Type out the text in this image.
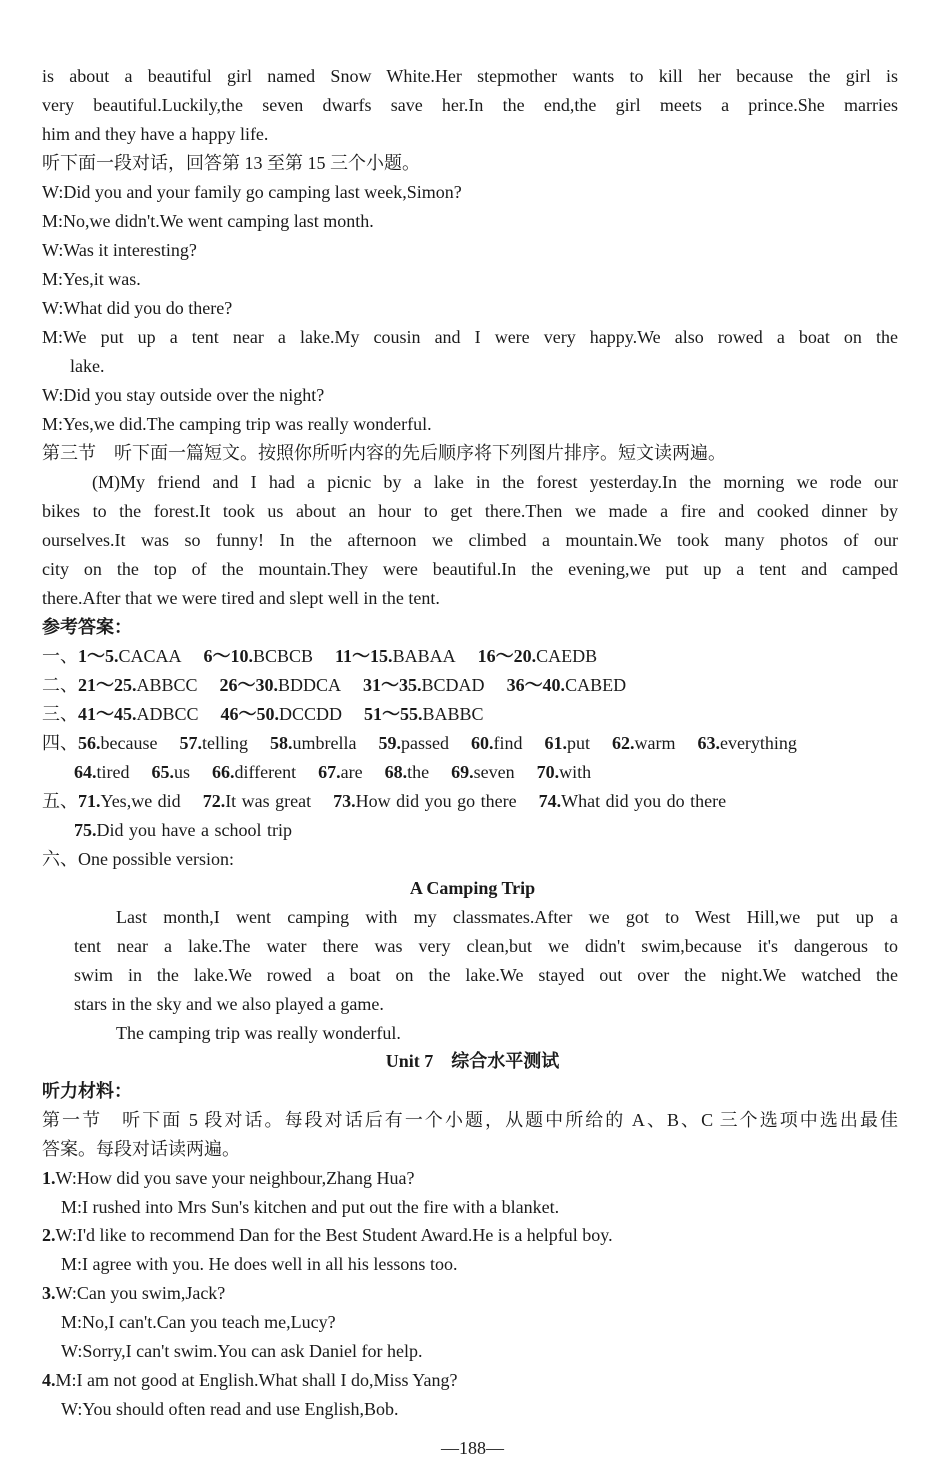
is about a beautiful girl named Snow White.Her stepmother wants to kill her because the girl is
very beautiful.Luckily,the seven dwarfs save her.In the end,the girl meets a prince.She marries
him and they have a happy life.
听下面一段对话，回答第 13 至第 15 三个小题。
W:Did you and your family go camping last week,Simon?
M:No,we didn't.We went camping last month.
W:Was it interesting?
M:Yes,it was.
W:What did you do there?
M:We put up a tent near a lake.My cousin and I were very happy.We also rowed a boat on the
lake.
W:Did you stay outside over the night?
M:Yes,we did.The camping trip was really wonderful.
第三节　听下面一篇短文。按照你所听内容的先后顺序将下列图片排序。短文读两遍。
(M)My friend and I had a picnic by a lake in the forest yesterday.In the morning we rode our
bikes to the forest.It took us about an hour to get there.Then we made a fire and cooked dinner by
ourselves.It was so funny! In the afternoon we climbed a mountain.We took many photos of our
city on the top of the mountain.They were beautiful.In the evening,we put up a tent and camped
there.After that we were tired and slept well in the tent.
参考答案：
一、1～5.CACAA 6～10.BCBCB 11～15.BABAA 16～20.CAEDB
二、21～25.ABBCC 26～30.BDDCA 31～35.BCDAD 36～40.CABED
三、41～45.ADBCC 46～50.DCCDD 51～55.BABBC
四、56.because 57.telling 58.umbrella 59.passed 60.find 61.put 62.warm 63.everything
64.tired 65.us 66.different 67.are 68.the 69.seven 70.with
五、71.Yes,we did 72.It was great 73.How did you go there 74.What did you do there
75.Did you have a school trip
六、One possible version:
A Camping Trip
Last month,I went camping with my classmates.After we got to West Hill,we put up a
tent near a lake.The water there was very clean,but we didn't swim,because it's dangerous to
swim in the lake.We rowed a boat on the lake.We stayed out over the night.We watched the
stars in the sky and we also played a game.
The camping trip was really wonderful.
Unit 7　综合水平测试
听力材料：
第一节　听下面 5 段对话。每段对话后有一个小题，从题中所给的 A、B、C 三个选项中选出最佳
答案。每段对话读两遍。
1.W:How did you save your neighbour,Zhang Hua?
M:I rushed into Mrs Sun's kitchen and put out the fire with a blanket.
2.W:I'd like to recommend Dan for the Best Student Award.He is a helpful boy.
M:I agree with you. He does well in all his lessons too.
3.W:Can you swim,Jack?
M:No,I can't.Can you teach me,Lucy?
W:Sorry,I can't swim.You can ask Daniel for help.
4.M:I am not good at English.What shall I do,Miss Yang?
W:You should often read and use English,Bob.
—188—
